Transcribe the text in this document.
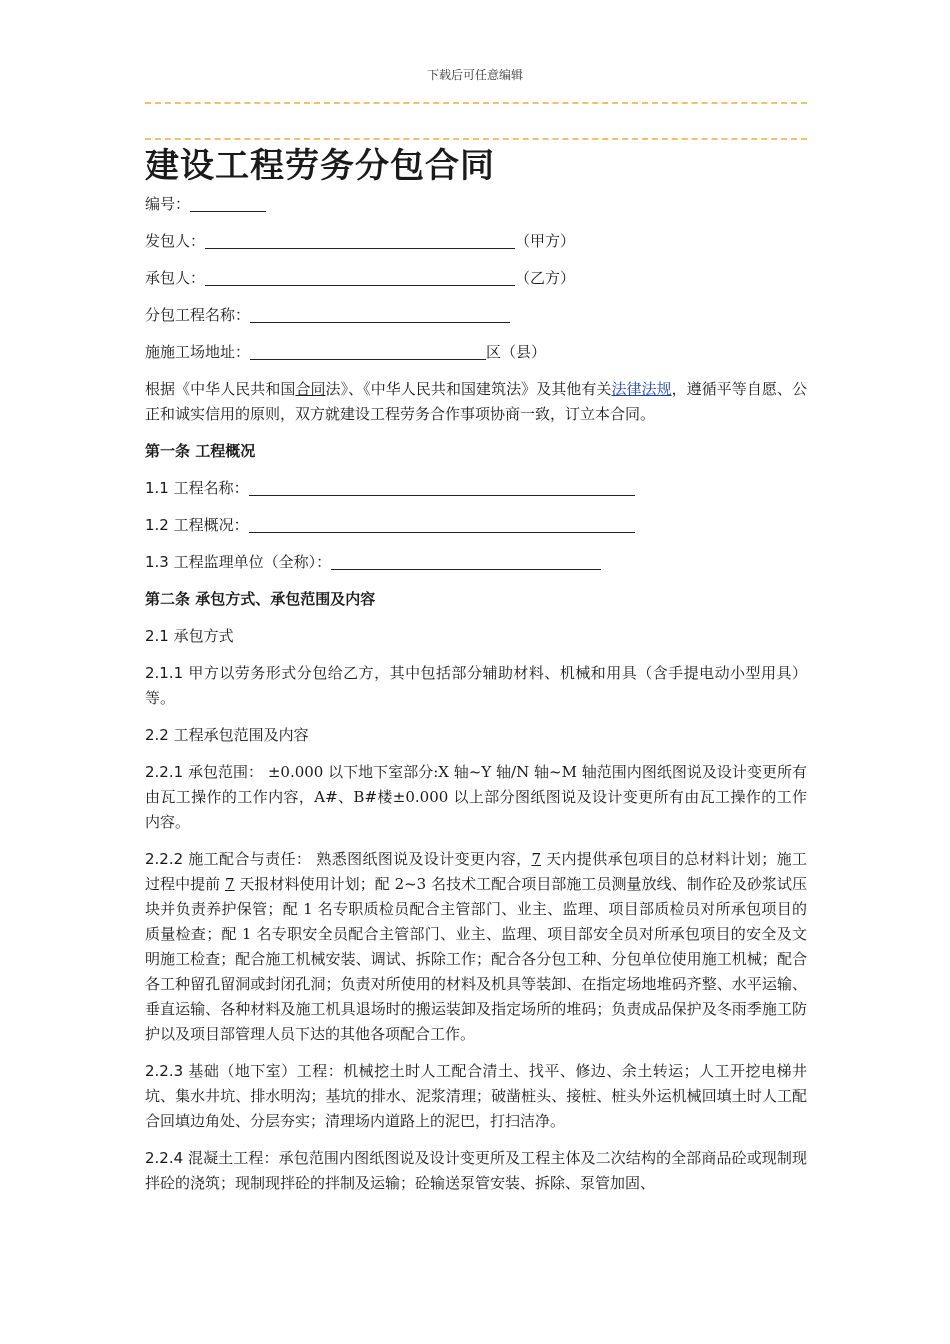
下载后可任意编辑
建设工程劳务分包合同

编号：

发包人：	（甲方）

承包人：	（乙方）

分包工程名称：

施施工场地址：	区（县）

根据《中华人民共和国合同法》、《中华人民共和国建筑法》及其他有关法律法规，遵循平等自愿、公正和诚实信用的原则，双方就建设工程劳务合作事项协商一致，订立本合同。

第一条 工程概况

1.1 工程名称：

1.2 工程概况：

1.3 工程监理单位（全称）：

第二条 承包方式、承包范围及内容

2.1 承包方式

2.1.1 甲方以劳务形式分包给乙方，其中包括部分辅助材料、机械和用具（含手提电动小型用具）等。

2.2 工程承包范围及内容

2.2.1 承包范围： ±0.000 以下地下室部分:X 轴~Y 轴/N 轴~M 轴范围内图纸图说及设计变更所有由瓦工操作的工作内容，A#、B#楼±0.000 以上部分图纸图说及设计变更所有由瓦工操作的工作内容。

2.2.2 施工配合与责任： 熟悉图纸图说及设计变更内容，7 天内提供承包项目的总材料计划；施工过程中提前 7 天报材料使用计划；配 2~3 名技术工配合项目部施工员测量放线、制作砼及砂浆试压块并负责养护保管；配 1 名专职质检员配合主管部门、业主、监理、项目部质检员对所承包项目的质量检查；配 1 名专职安全员配合主管部门、业主、监理、项目部安全员对所承包项目的安全及文明施工检查；配合施工机械安装、调试、拆除工作；配合各分包工种、分包单位使用施工机械；配合各工种留孔留洞或封闭孔洞；负责对所使用的材料及机具等装卸、在指定场地堆码齐整、水平运输、垂直运输、各种材料及施工机具退场时的搬运装卸及指定场所的堆码；负责成品保护及冬雨季施工防护以及项目部管理人员下达的其他各项配合工作。

2.2.3 基础（地下室）工程：机械挖土时人工配合清土、找平、修边、余土转运；人工开挖电梯井坑、集水井坑、排水明沟；基坑的排水、泥浆清理；破凿桩头、接桩、桩头外运机械回填土时人工配合回填边角处、分层夯实；清理场内道路上的泥巴，打扫洁净。

2.2.4 混凝土工程：承包范围内图纸图说及设计变更所及工程主体及二次结构的全部商品砼或现制现拌砼的浇筑；现制现拌砼的拌制及运输；砼输送泵管安装、拆除、泵管加固、
